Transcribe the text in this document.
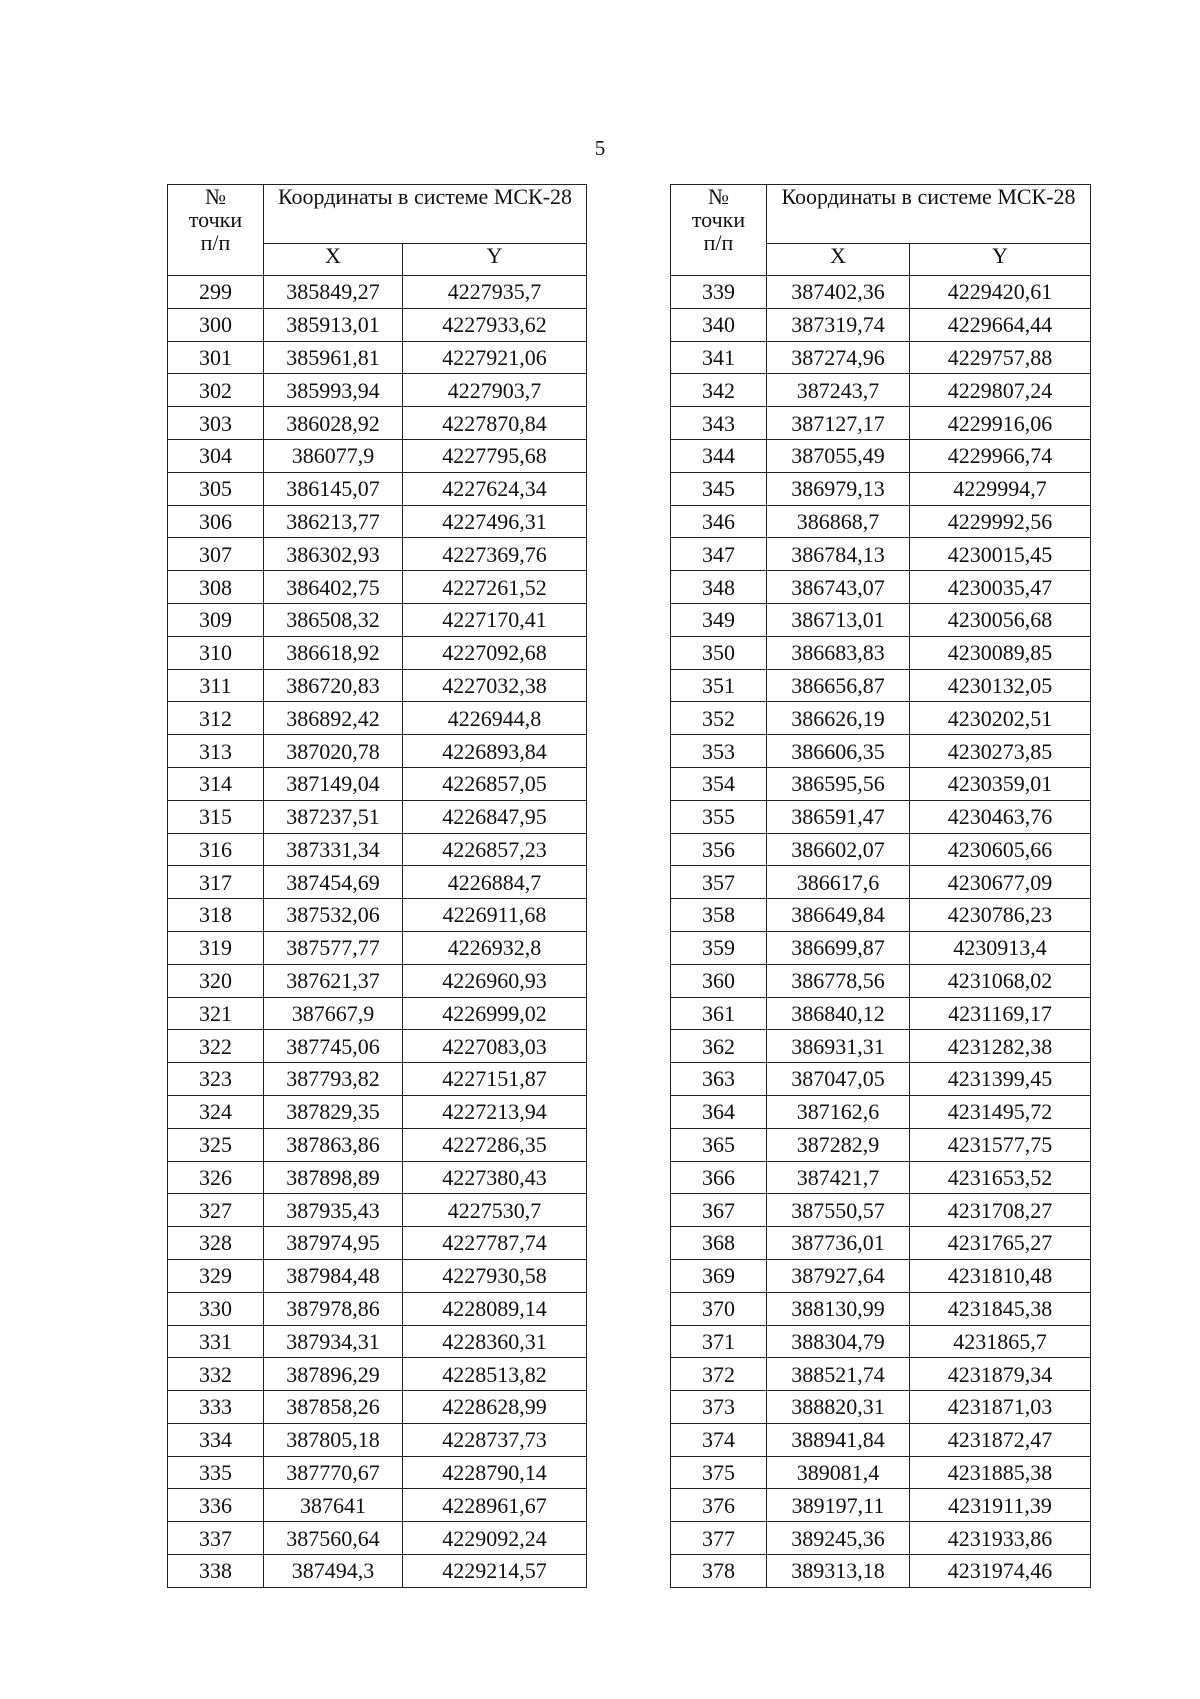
5
№
точки
п/п	Координаты в системе МСК-28	
	X	Y
299	385849,27	4227935,7
300	385913,01	4227933,62
301	385961,81	4227921,06
302	385993,94	4227903,7
303	386028,92	4227870,84
304	386077,9	4227795,68
305	386145,07	4227624,34
306	386213,77	4227496,31
307	386302,93	4227369,76
308	386402,75	4227261,52
309	386508,32	4227170,41
310	386618,92	4227092,68
311	386720,83	4227032,38
312	386892,42	4226944,8
313	387020,78	4226893,84
314	387149,04	4226857,05
315	387237,51	4226847,95
316	387331,34	4226857,23
317	387454,69	4226884,7
318	387532,06	4226911,68
319	387577,77	4226932,8
320	387621,37	4226960,93
321	387667,9	4226999,02
322	387745,06	4227083,03
323	387793,82	4227151,87
324	387829,35	4227213,94
325	387863,86	4227286,35
326	387898,89	4227380,43
327	387935,43	4227530,7
328	387974,95	4227787,74
329	387984,48	4227930,58
330	387978,86	4228089,14
331	387934,31	4228360,31
332	387896,29	4228513,82
333	387858,26	4228628,99
334	387805,18	4228737,73
335	387770,67	4228790,14
336	387641	4228961,67
337	387560,64	4229092,24
338	387494,3	4229214,57
№
точки
п/п	Координаты в системе МСК-28	
	X	Y
339	387402,36	4229420,61
340	387319,74	4229664,44
341	387274,96	4229757,88
342	387243,7	4229807,24
343	387127,17	4229916,06
344	387055,49	4229966,74
345	386979,13	4229994,7
346	386868,7	4229992,56
347	386784,13	4230015,45
348	386743,07	4230035,47
349	386713,01	4230056,68
350	386683,83	4230089,85
351	386656,87	4230132,05
352	386626,19	4230202,51
353	386606,35	4230273,85
354	386595,56	4230359,01
355	386591,47	4230463,76
356	386602,07	4230605,66
357	386617,6	4230677,09
358	386649,84	4230786,23
359	386699,87	4230913,4
360	386778,56	4231068,02
361	386840,12	4231169,17
362	386931,31	4231282,38
363	387047,05	4231399,45
364	387162,6	4231495,72
365	387282,9	4231577,75
366	387421,7	4231653,52
367	387550,57	4231708,27
368	387736,01	4231765,27
369	387927,64	4231810,48
370	388130,99	4231845,38
371	388304,79	4231865,7
372	388521,74	4231879,34
373	388820,31	4231871,03
374	388941,84	4231872,47
375	389081,4	4231885,38
376	389197,11	4231911,39
377	389245,36	4231933,86
378	389313,18	4231974,46
